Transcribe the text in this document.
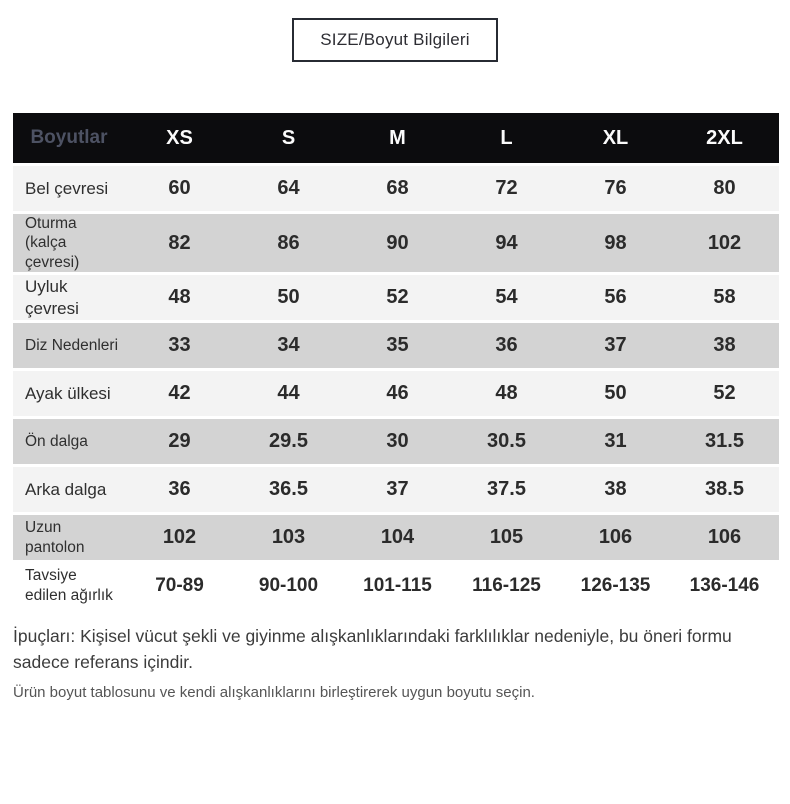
SIZE/Boyut Bilgileri
Boyutlar	XS	S	M	L	XL	2XL
Bel çevresi	60	64	68	72	76	80
Oturma (kalça çevresi)	82	86	90	94	98	102
Uyluk çevresi	48	50	52	54	56	58
Diz Nedenleri	33	34	35	36	37	38
Ayak ülkesi	42	44	46	48	50	52
Ön dalga	29	29.5	30	30.5	31	31.5
Arka dalga	36	36.5	37	37.5	38	38.5
Uzun pantolon	102	103	104	105	106	106
Tavsiye edilen ağırlık	70-89	90-100	101-115	116-125	126-135	136-146
İpuçları: Kişisel vücut şekli ve giyinme alışkanlıklarındaki farklılıklar nedeniyle, bu öneri formu sadece referans içindir.
Ürün boyut tablosunu ve kendi alışkanlıklarını birleştirerek uygun boyutu seçin.
